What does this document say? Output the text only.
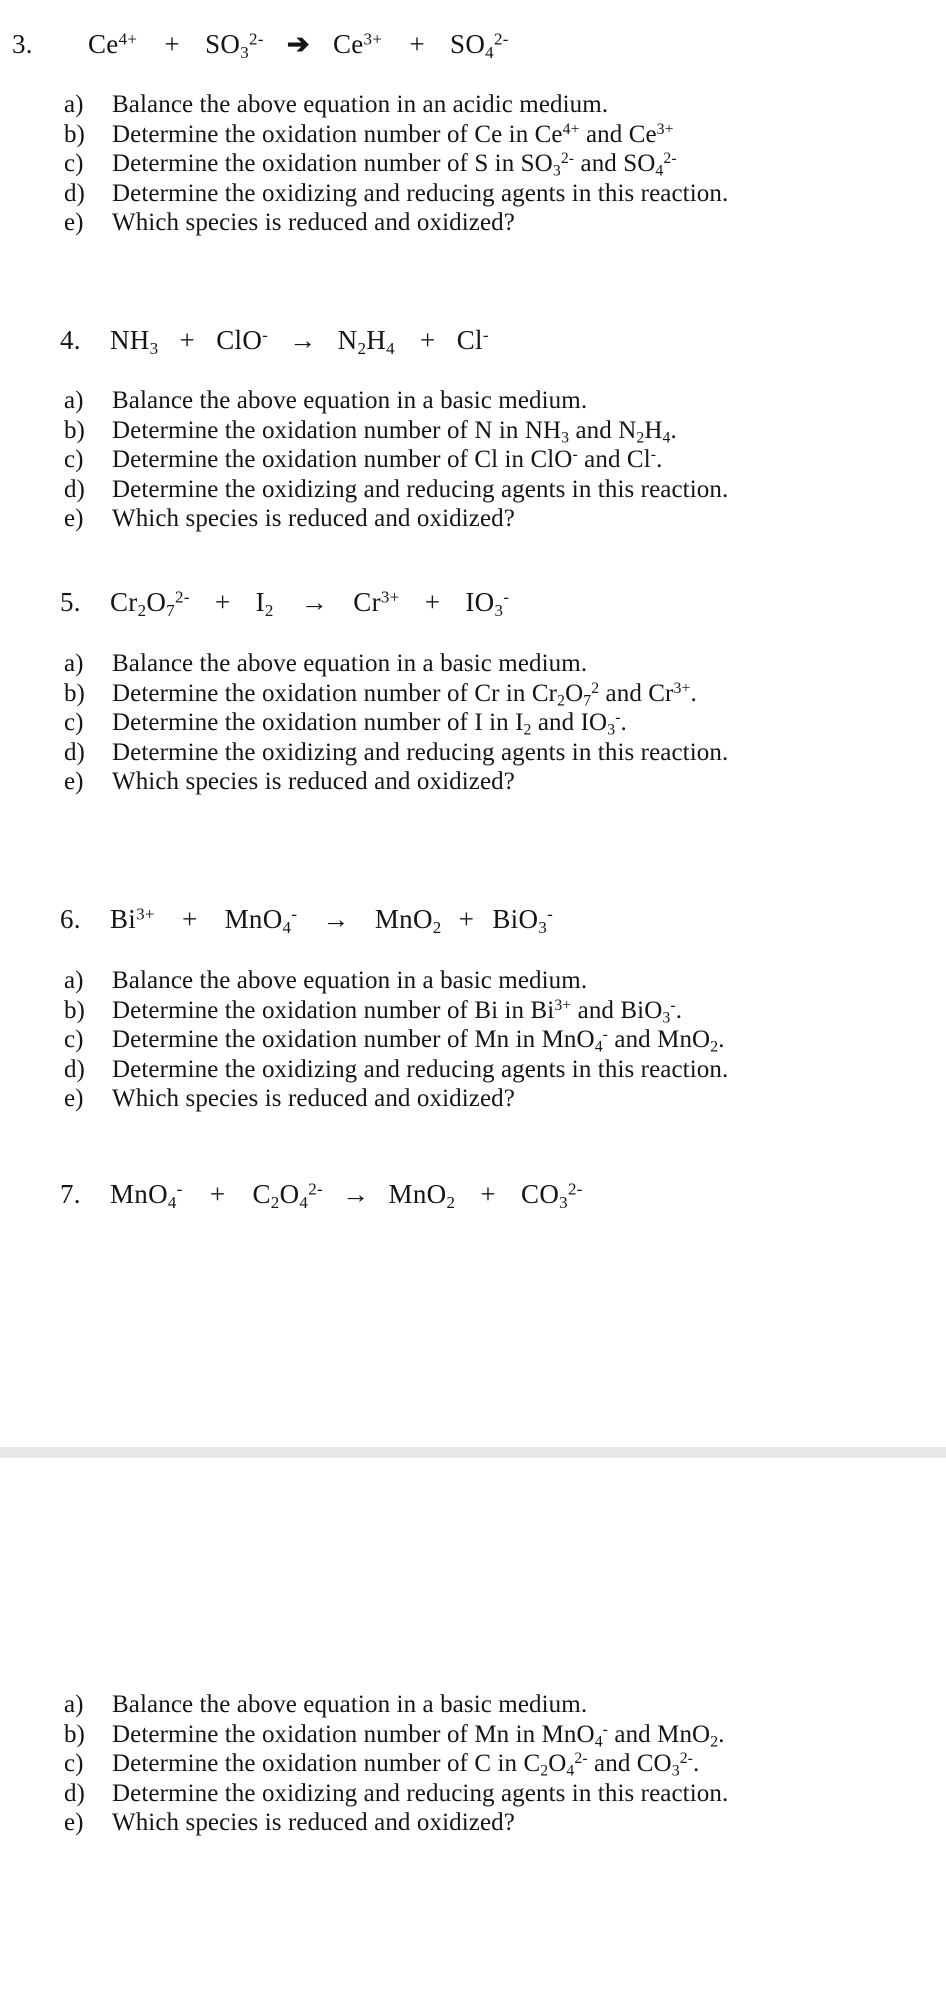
3. $Ce^{4+} + SO_3^{2-}$ ➔ $Ce^{3+} + SO_4^{2-}$
a) Balance the above equation in an acidic medium.
b) Determine the oxidation number of Ce in $Ce^{4+}$ and $Ce^{3+}$
c) Determine the oxidation number of S in $SO_3^{2-}$ and $SO_4^{2-}$
d) Determine the oxidizing and reducing agents in this reaction.
e) Which species is reduced and oxidized?
4. $NH_3 + ClO^- \to N_2H_4 + Cl^-$
a) Balance the above equation in a basic medium.
b) Determine the oxidation number of N in $NH_3$ and $N_2H_4$.
c) Determine the oxidation number of Cl in ClO- and Cl-.
d) Determine the oxidizing and reducing agents in this reaction.
e) Which species is reduced and oxidized?
5. $Cr_2O_7^{2-} + I_2 \to Cr^{3+} + IO_3^-$
a) Balance the above equation in a basic medium.
b) Determine the oxidation number of Cr in $Cr_2O_7^2$ and $Cr^{3+}$.
c) Determine the oxidation number of I in $I_2$ and $IO_3^-$.
d) Determine the oxidizing and reducing agents in this reaction.
e) Which species is reduced and oxidized?
6. $Bi^{3+} + MnO_4^- \to MnO_2 + BiO_3^-$
a) Balance the above equation in a basic medium.
b) Determine the oxidation number of Bi in $Bi^{3+}$ and BiO$_3$-.
c) Determine the oxidation number of Mn in MnO$_4$- and MnO$_2$.
d) Determine the oxidizing and reducing agents in this reaction.
e) Which species is reduced and oxidized?
7. $MnO_4^- + C_2O_4^{2-} \to MnO_2 + CO_3^{2-}$
a) Balance the above equation in a basic medium.
b) Determine the oxidation number of Mn in MnO$_4$- and MnO$_2$.
c) Determine the oxidation number of C in $C_2O_4^{2-}$ and $CO_3^{2-}$.
d) Determine the oxidizing and reducing agents in this reaction.
e) Which species is reduced and oxidized?
